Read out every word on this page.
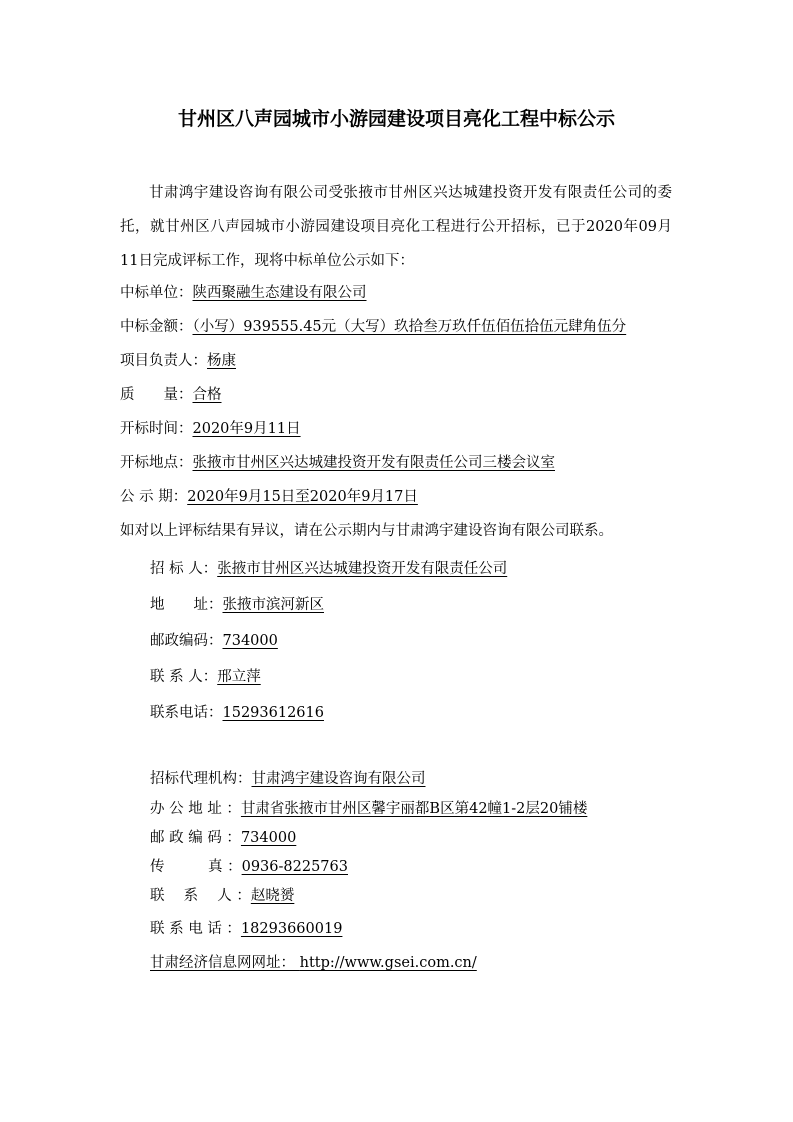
甘州区八声园城市小游园建设项目亮化工程中标公示
甘肃鸿宇建设咨询有限公司受张掖市甘州区兴达城建投资开发有限责任公司的委托，就甘州区八声园城市小游园建设项目亮化工程进行公开招标，已于2020年09月11日完成评标工作，现将中标单位公示如下：
中标单位：陕西聚融生态建设有限公司
中标金额：（小写）939555.45元（大写）玖拾叁万玖仟伍佰伍拾伍元肆角伍分
项目负责人：杨康
质　　量：合格
开标时间：2020年9月11日
开标地点：张掖市甘州区兴达城建投资开发有限责任公司三楼会议室
公 示 期：2020年9月15日至2020年9月17日
如对以上评标结果有异议，请在公示期内与甘肃鸿宇建设咨询有限公司联系。
招 标 人：张掖市甘州区兴达城建投资开发有限责任公司
地　　址：张掖市滨河新区
邮政编码：734000
联 系 人：邢立萍
联系电话：15293612616
招标代理机构：甘肃鸿宇建设咨询有限公司
办 公 地 址 ：甘肃省张掖市甘州区馨宇丽都B区第42幢1-2层20铺楼
邮 政 编 码 ：734000
传　　　真 ：0936-8225763
联　 系　 人 ：赵晓赟
联 系 电 话 ：18293660019
甘肃经济信息网网址： http://www.gsei.com.cn/
